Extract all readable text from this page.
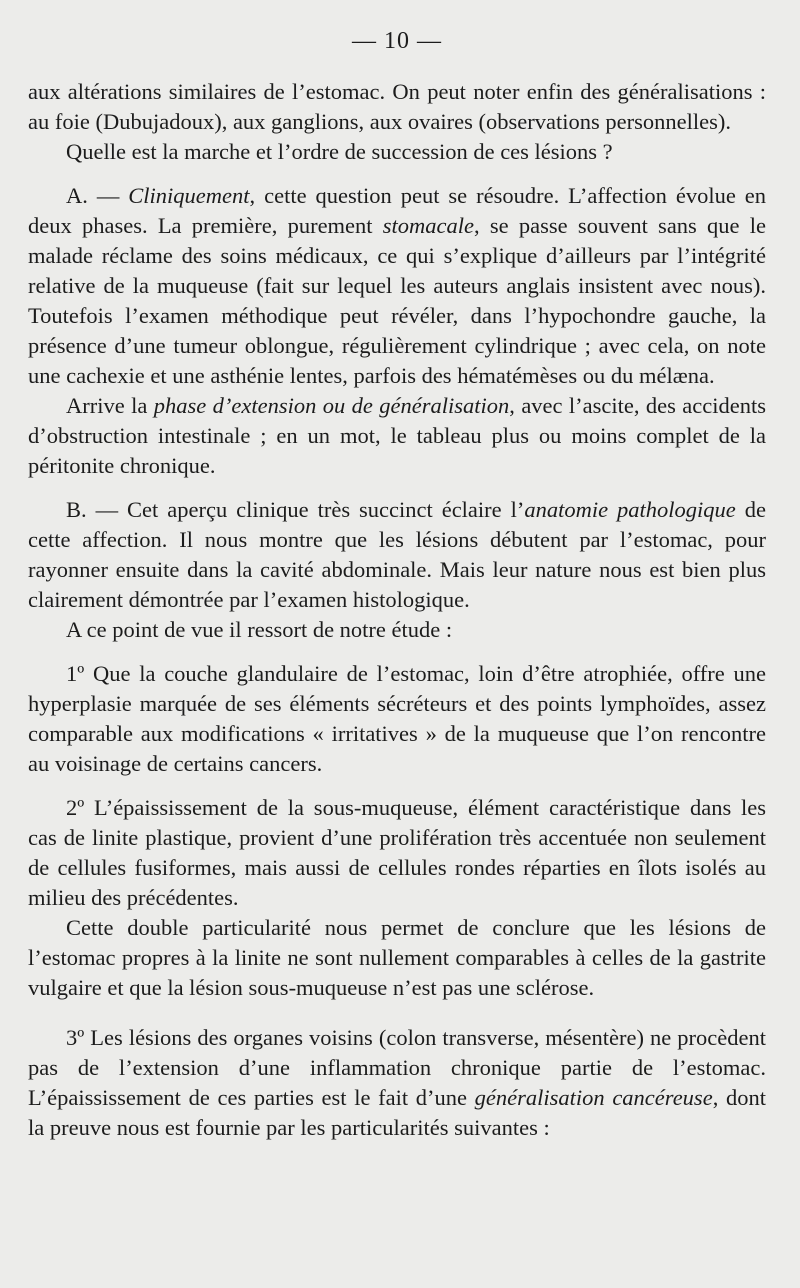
— 10 —

aux altérations similaires de l’estomac. On peut noter enfin des généralisations : au foie (Dubujadoux), aux ganglions, aux ovaires (observations personnelles).

Quelle est la marche et l’ordre de succession de ces lésions ?

A. — Cliniquement, cette question peut se résoudre. L’affection évolue en deux phases. La première, purement stomacale, se passe souvent sans que le malade réclame des soins médicaux, ce qui s’explique d’ailleurs par l’intégrité relative de la muqueuse (fait sur lequel les auteurs anglais insistent avec nous). Toutefois l’examen méthodique peut révéler, dans l’hypochondre gauche, la présence d’une tumeur oblongue, régulièrement cylindrique ; avec cela, on note une cachexie et une asthénie lentes, parfois des hématémèses ou du mélæna.

Arrive la phase d’extension ou de généralisation, avec l’ascite, des accidents d’obstruction intestinale ; en un mot, le tableau plus ou moins complet de la péritonite chronique.

B. — Cet aperçu clinique très succinct éclaire l’anatomie pathologique de cette affection. Il nous montre que les lésions débutent par l’estomac, pour rayonner ensuite dans la cavité abdominale. Mais leur nature nous est bien plus clairement démontrée par l’examen histologique.

A ce point de vue il ressort de notre étude :

1º Que la couche glandulaire de l’estomac, loin d’être atrophiée, offre une hyperplasie marquée de ses éléments sécréteurs et des points lymphoïdes, assez comparable aux modifications « irritatives » de la muqueuse que l’on rencontre au voisinage de certains cancers.

2º L’épaississement de la sous-muqueuse, élément caractéristique dans les cas de linite plastique, provient d’une prolifération très accentuée non seulement de cellules fusiformes, mais aussi de cellules rondes réparties en îlots isolés au milieu des précédentes.

Cette double particularité nous permet de conclure que les lésions de l’estomac propres à la linite ne sont nullement comparables à celles de la gastrite vulgaire et que la lésion sous-muqueuse n’est pas une sclérose.

3º Les lésions des organes voisins (colon transverse, mésentère) ne procèdent pas de l’extension d’une inflammation chronique partie de l’estomac. L’épaississement de ces parties est le fait d’une généralisation cancéreuse, dont la preuve nous est fournie par les particularités suivantes :
